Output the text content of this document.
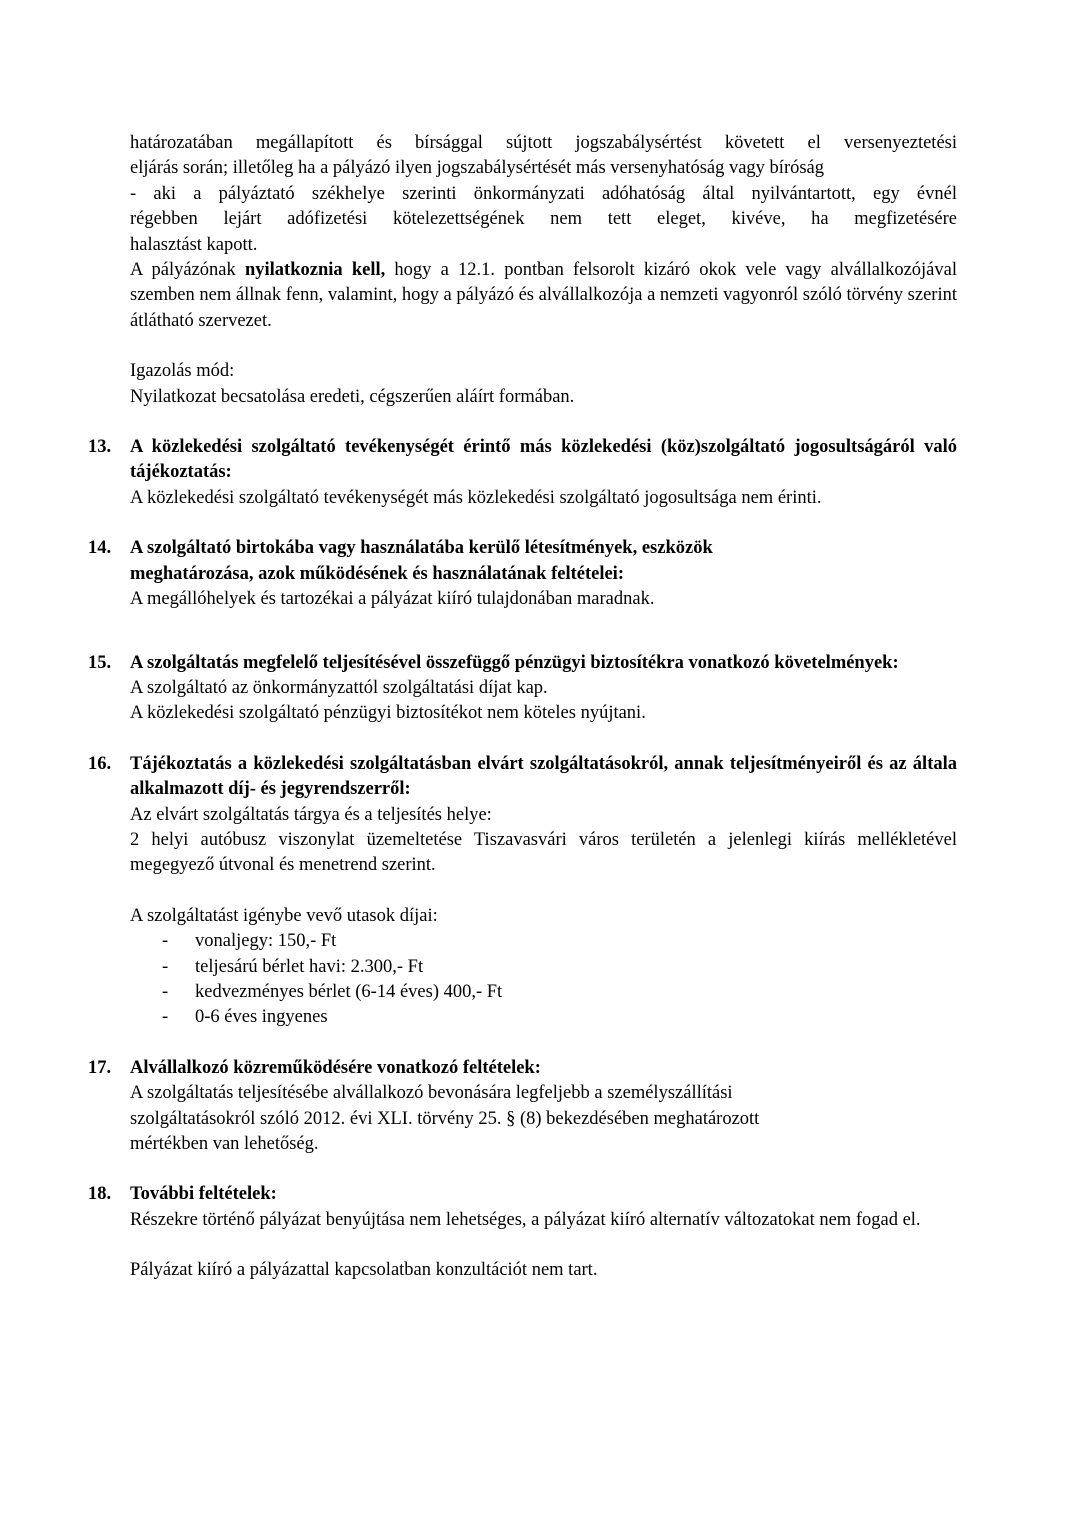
határozatában megállapított és bírsággal sújtott jogszabálysértést követett el versenyeztetési

eljárás során; illetőleg ha a pályázó ilyen jogszabálysértését más versenyhatóság vagy bíróság

- aki a pályáztató székhelye szerinti önkormányzati adóhatóság által nyilvántartott, egy évnél

régebben lejárt adófizetési kötelezettségének nem tett eleget, kivéve, ha megfizetésére

halasztást kapott.

A pályázónak nyilatkoznia kell, hogy a 12.1. pontban felsorolt kizáró okok vele vagy alvállalkozójával szemben nem állnak fenn, valamint, hogy a pályázó és alvállalkozója a nemzeti vagyonról szóló törvény szerint átlátható szervezet.

Igazolás mód:

Nyilatkozat becsatolása eredeti, cégszerűen aláírt formában.

13. A közlekedési szolgáltató tevékenységét érintő más közlekedési (köz)szolgáltató jogosultságáról való tájékoztatás:

A közlekedési szolgáltató tevékenységét más közlekedési szolgáltató jogosultsága nem érinti.

14. A szolgáltató birtokába vagy használatába kerülő létesítmények, eszközök

meghatározása, azok működésének és használatának feltételei:

A megállóhelyek és tartozékai a pályázat kiíró tulajdonában maradnak.

15. A szolgáltatás megfelelő teljesítésével összefüggő pénzügyi biztosítékra vonatkozó követelmények:

A szolgáltató az önkormányzattól szolgáltatási díjat kap.

A közlekedési szolgáltató pénzügyi biztosítékot nem köteles nyújtani.

16. Tájékoztatás a közlekedési szolgáltatásban elvárt szolgáltatásokról, annak teljesítményeiről és az általa alkalmazott díj- és jegyrendszerről:

Az elvárt szolgáltatás tárgya és a teljesítés helye:

2 helyi autóbusz viszonylat üzemeltetése Tiszavasvári város területén a jelenlegi kiírás mellékletével megegyező útvonal és menetrend szerint.

A szolgáltatást igénybe vevő utasok díjai:

- vonaljegy: 150,- Ft
- teljesárú bérlet havi: 2.300,- Ft
- kedvezményes bérlet (6-14 éves) 400,- Ft
- 0-6 éves ingyenes
17. Alvállalkozó közreműködésére vonatkozó feltételek:

A szolgáltatás teljesítésébe alvállalkozó bevonására legfeljebb a személyszállítási

szolgáltatásokról szóló 2012. évi XLI. törvény 25. § (8) bekezdésében meghatározott

mértékben van lehetőség.

18. További feltételek:

Részekre történő pályázat benyújtása nem lehetséges, a pályázat kiíró alternatív változatokat nem fogad el.

Pályázat kiíró a pályázattal kapcsolatban konzultációt nem tart.
